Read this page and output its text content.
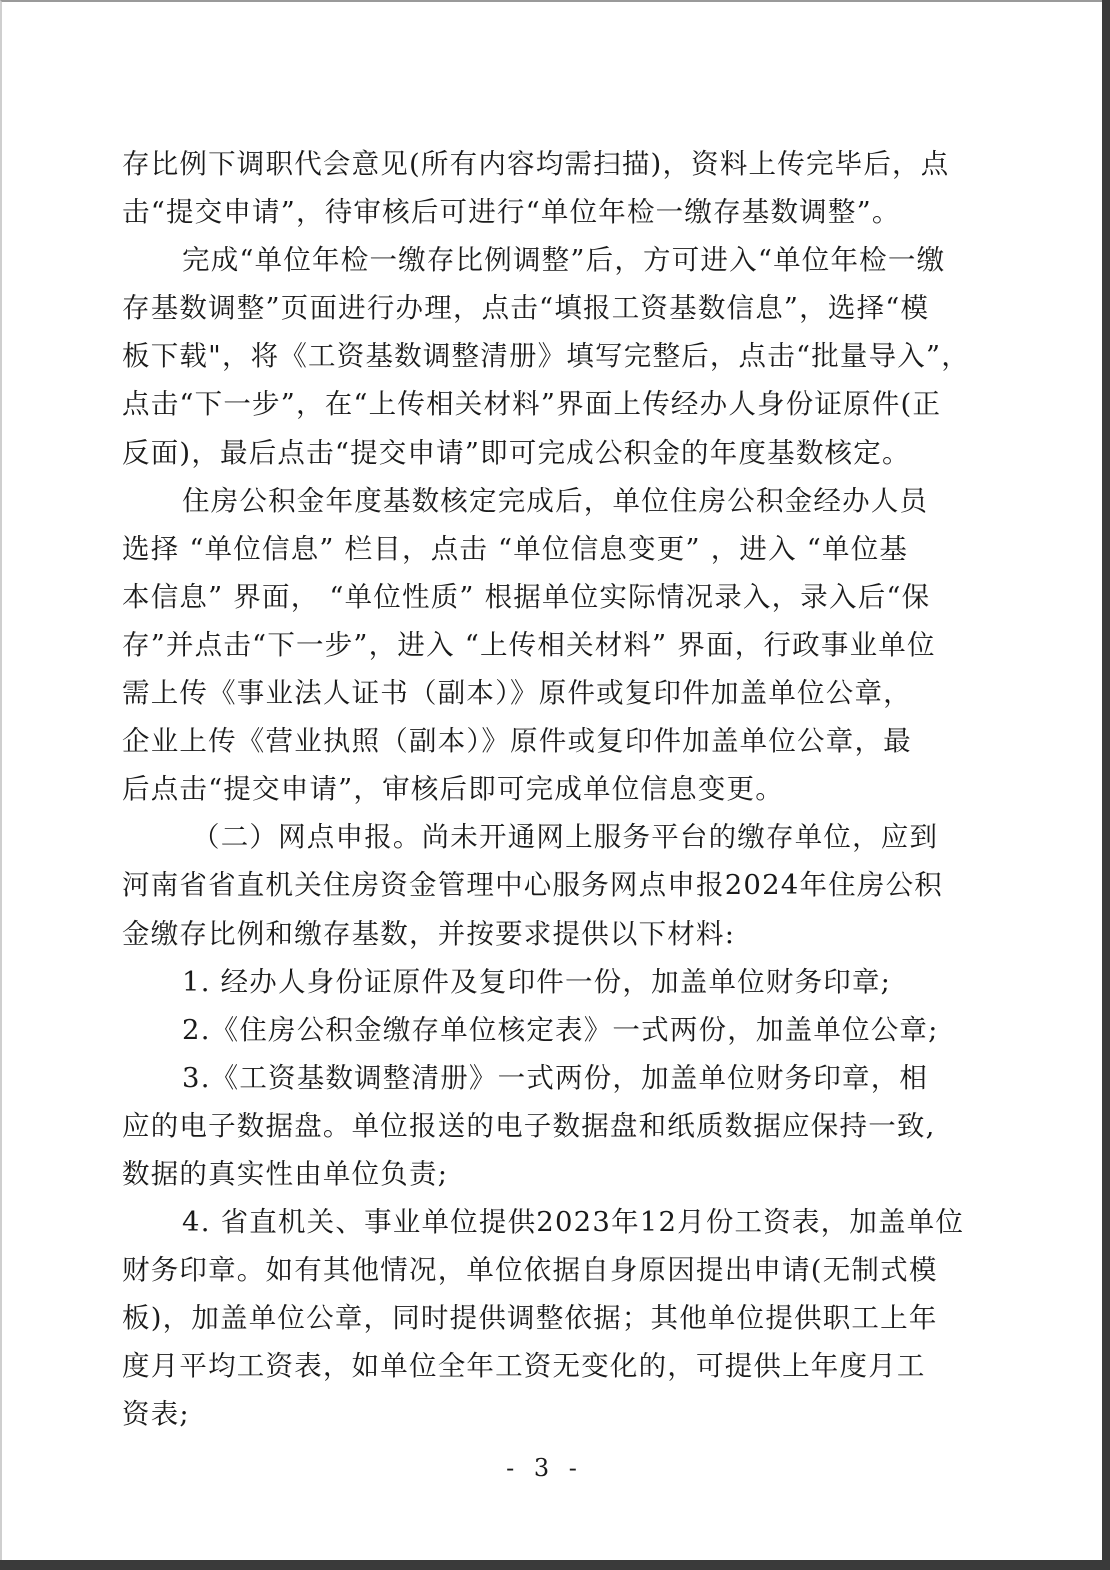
存比例下调职代会意见(所有内容均需扫描)，资料上传完毕后，点
击“提交申请”，待审核后可进行“单位年检一缴存基数调整”。
完成“单位年检一缴存比例调整”后，方可进入“单位年检一缴
存基数调整”页面进行办理，点击“填报工资基数信息”，选择“模
板下载"，将《工资基数调整清册》填写完整后，点击“批量导入”，
点击“下一步”，在“上传相关材料”界面上传经办人身份证原件(正
反面)，最后点击“提交申请”即可完成公积金的年度基数核定。
住房公积金年度基数核定完成后，单位住房公积金经办人员
选择 “单位信息” 栏目，点击 “单位信息变更” ，进入 “单位基
本信息” 界面， “单位性质” 根据单位实际情况录入，录入后“保
存”并点击“下一步”，进入 “上传相关材料” 界面，行政事业单位
需上传《事业法人证书（副本）》原件或复印件加盖单位公章，
企业上传《营业执照（副本）》原件或复印件加盖单位公章，最
后点击“提交申请”，审核后即可完成单位信息变更。
（二）网点申报。尚未开通网上服务平台的缴存单位，应到
河南省省直机关住房资金管理中心服务网点申报2024年住房公积
金缴存比例和缴存基数，并按要求提供以下材料:
1. 经办人身份证原件及复印件一份，加盖单位财务印章;
2.《住房公积金缴存单位核定表》一式两份，加盖单位公章;
3.《工资基数调整清册》一式两份，加盖单位财务印章，相
应的电子数据盘。单位报送的电子数据盘和纸质数据应保持一致,
数据的真实性由单位负责;
4. 省直机关、事业单位提供2023年12月份工资表，加盖单位
财务印章。如有其他情况，单位依据自身原因提出申请(无制式模
板)，加盖单位公章，同时提供调整依据；其他单位提供职工上年
度月平均工资表，如单位全年工资无变化的，可提供上年度月工
资表;
- 3 -
